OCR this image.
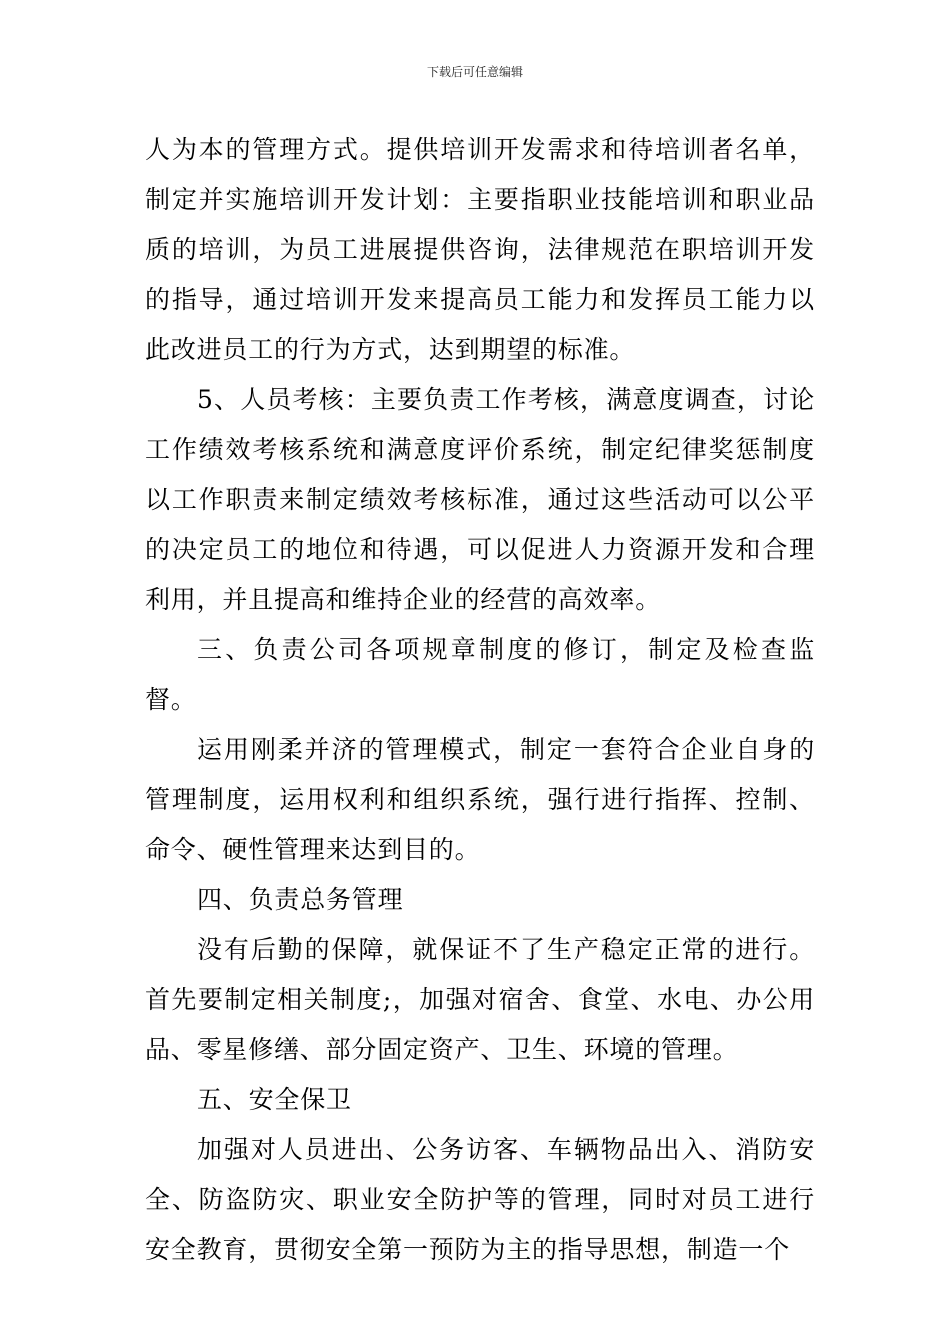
下载后可任意编辑

人为本的管理方式。提供培训开发需求和待培训者名单，制定并实施培训开发计划：主要指职业技能培训和职业品质的培训，为员工进展提供咨询，法律规范在职培训开发的指导，通过培训开发来提高员工能力和发挥员工能力以此改进员工的行为方式，达到期望的标准。

5、人员考核：主要负责工作考核，满意度调查，讨论工作绩效考核系统和满意度评价系统，制定纪律奖惩制度以工作职责来制定绩效考核标准，通过这些活动可以公平的决定员工的地位和待遇，可以促进人力资源开发和合理利用，并且提高和维持企业的经营的高效率。

三、负责公司各项规章制度的修订，制定及检查监督。

运用刚柔并济的管理模式，制定一套符合企业自身的管理制度，运用权利和组织系统，强行进行指挥、控制、命令、硬性管理来达到目的。

四、负责总务管理

没有后勤的保障，就保证不了生产稳定正常的进行。首先要制定相关制度;，加强对宿舍、食堂、水电、办公用品、零星修缮、部分固定资产、卫生、环境的管理。

五、安全保卫

加强对人员进出、公务访客、车辆物品出入、消防安全、防盗防灾、职业安全防护等的管理，同时对员工进行安全教育，贯彻安全第一预防为主的指导思想，制造一个
